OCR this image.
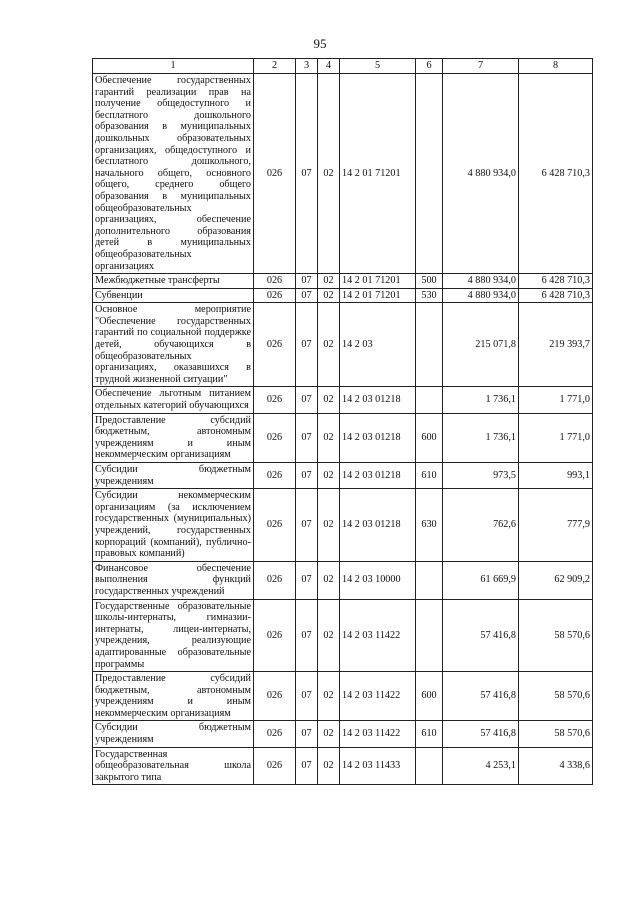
95
1	2	3	4	5	6	7	8
Обеспечение государственных гарантий реализации прав на получение общедоступного и бесплатного дошкольного образования в муниципальных дошкольных образовательных организациях, общедоступного и бесплатного дошкольного, начального общего, основного общего, среднего общего образования в муниципальных общеобразовательных организациях, обеспечение дополнительного образования детей в муниципальных общеобразовательных организациях	026	07	02	14 2 01 71201		4 880 934,0	6 428 710,3
Межбюджетные трансферты	026	07	02	14 2 01 71201	500	4 880 934,0	6 428 710,3
Субвенции	026	07	02	14 2 01 71201	530	4 880 934,0	6 428 710,3
Основное мероприятие "Обеспечение государственных гарантий по социальной поддержке детей, обучающихся в общеобразовательных организациях, оказавшихся в трудной жизненной ситуации"	026	07	02	14 2 03		215 071,8	219 393,7
Обеспечение льготным питанием отдельных категорий обучающихся	026	07	02	14 2 03 01218		1 736,1	1 771,0
Предоставление субсидий бюджетным, автономным учреждениям и иным некоммерческим организациям	026	07	02	14 2 03 01218	600	1 736,1	1 771,0
Субсидии бюджетным учреждениям	026	07	02	14 2 03 01218	610	973,5	993,1
Субсидии некоммерческим организациям (за исключением государственных (муниципальных) учреждений, государственных корпораций (компаний), публично-правовых компаний)	026	07	02	14 2 03 01218	630	762,6	777,9
Финансовое обеспечение выполнения функций государственных учреждений	026	07	02	14 2 03 10000		61 669,9	62 909,2
Государственные образовательные школы-интернаты, гимназии-интернаты, лицеи-интернаты, учреждения, реализующие адаптированные образовательные программы	026	07	02	14 2 03 11422		57 416,8	58 570,6
Предоставление субсидий бюджетным, автономным учреждениям и иным некоммерческим организациям	026	07	02	14 2 03 11422	600	57 416,8	58 570,6
Субсидии бюджетным учреждениям	026	07	02	14 2 03 11422	610	57 416,8	58 570,6
Государственная общеобразовательная школа закрытого типа	026	07	02	14 2 03 11433		4 253,1	4 338,6
